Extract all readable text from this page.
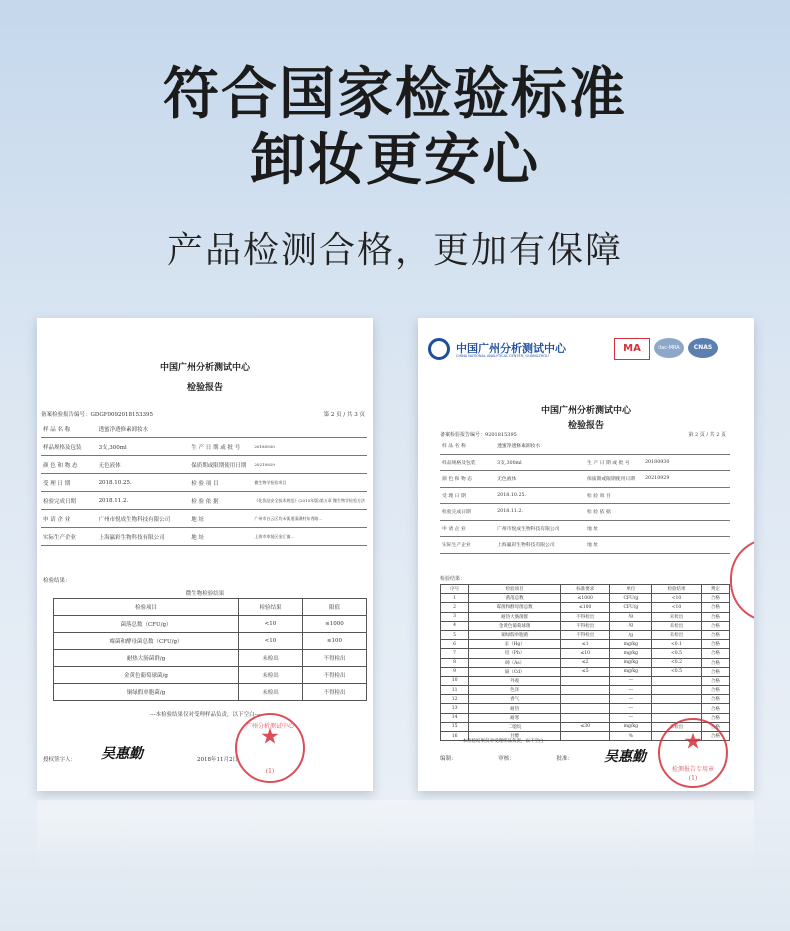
符合国家检验标准
卸妆更安心
产品检测合格，更加有保障
中国广州分析测试中心
检验报告
备案检验报告编号：GDGF0092018153395	第 2 页 / 共 3 页
样 品 名 称	透蜜净透修素卸妆水		
样品规格及包装	3支,300ml	生 产 日 期 或 批 号	20180930
颜 色 和 物 态	无色液体	保质期或限期使用日期	20210929
受 理 日 期	2018.10.25.	检 验 项 目	微生物学检验项目
检验完成日期	2018.11.2.	检 验 依 据	《化妆品安全技术规范》(2015年版)第五章 微生物学检验方法
申 请 企 业	广州市悦成生物科技有限公司	地 址	广州市白云区均禾街道清湖村东秀路...
实际生产企业	上海赢彩生物科技有限公司	地 址	上海市奉贤区金汇镇...
检验结果：
微生物检验结果
检验项目	检验结果	限值
菌落总数（CFU/g）	<10	≤1000
霉菌和酵母菌总数（CFU/g）	<10	≤100
耐热大肠菌群/g	未检出	不得检出
金黄色葡萄球菌/g	未检出	不得检出
铜绿假单胞菌/g	未检出	不得检出
---本检验结果仅对受理样品负责，以下空白---
授权签字人： 吴惠勤	2018年11月2日
★
广州分析测试中心
(1)
中国广州分析测试中心
CHINA NATIONAL ANALYTICAL CENTER, GUANGZHOU
MA	ilac-MRA	CNAS
中国广州分析测试中心
检验报告
备案检验报告编号：9201815395	第 2 页 / 共 2 页
样 品 名 称	透蜜净透修素卸妆水		
样品规格及包装	3支,300ml	生 产 日 期 或 批 号	20180930
颜 色 和 物 态	无色液体	保质期或限期使用日期	20210929
受 理 日 期	2018.10.25.	检 验 项 目	
检验完成日期	2018.11.2.	检 验 依 据	
申 请 企 业	广州市悦成生物科技有限公司	地 址	
实际生产企业	上海赢彩生物科技有限公司	地 址	
检验结果：
序号	检验项目	标准要求	单位	检验结果	判定
1	菌落总数	≤1000	CFU/g	<10	合格
2	霉菌和酵母菌总数	≤100	CFU/g	<10	合格
3	耐热大肠菌群	不得检出	/g	未检出	合格
4	金黄色葡萄球菌	不得检出	/g	未检出	合格
5	铜绿假单胞菌	不得检出	/g	未检出	合格
6	汞（Hg）	≤1	mg/kg	<0.1	合格
7	铅（Pb）	≤10	mg/kg	<0.5	合格
8	砷（As）	≤2	mg/kg	<0.2	合格
9	镉（Cd）	≤5	mg/kg	<0.5	合格
10	外观		—		合格
11	色泽		—		合格
12	香气		—		合格
13	耐热		—		合格
14	耐寒		—		合格
15	二噁烷	≤30	mg/kg	未检出	合格
16	甘醇		%		合格
---本检验结果仅对受理样品负责，以下空白---
编制：	审核：	批准： 吴惠勤
★
检测报告专用章
(1)
